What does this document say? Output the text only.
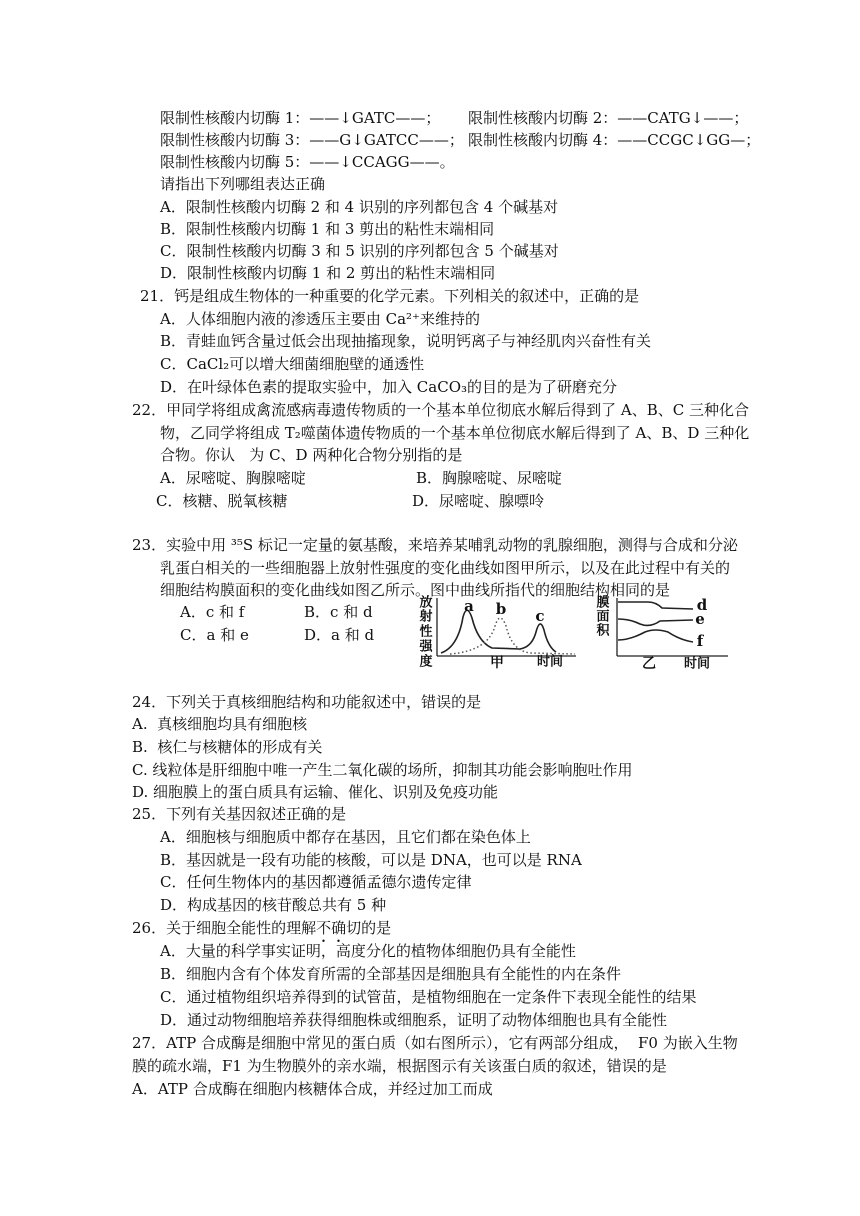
限制性核酸内切酶 1：——↓GATC——； 限制性核酸内切酶 2：——CATG↓——；
限制性核酸内切酶 3：——G↓GATCC——； 限制性核酸内切酶 4：——CCGC↓GG—；
限制性核酸内切酶 5：——↓CCAGG——。
请指出下列哪组表达正确
A．限制性核酸内切酶 2 和 4 识别的序列都包含 4 个碱基对
B．限制性核酸内切酶 1 和 3 剪出的粘性末端相同
C．限制性核酸内切酶 3 和 5 识别的序列都包含 5 个碱基对
D．限制性核酸内切酶 1 和 2 剪出的粘性末端相同
21．钙是组成生物体的一种重要的化学元素。下列相关的叙述中，正确的是
A．人体细胞内液的渗透压主要由 Ca²⁺来维持的
B．青蛙血钙含量过低会出现抽搐现象，说明钙离子与神经肌肉兴奋性有关
C．CaCl₂可以增大细菌细胞壁的通透性
D．在叶绿体色素的提取实验中，加入 CaCO₃的目的是为了研磨充分
22．甲同学将组成禽流感病毒遗传物质的一个基本单位彻底水解后得到了 A、B、C 三种化合
物，乙同学将组成 T₂噬菌体遗传物质的一个基本单位彻底水解后得到了 A、B、D 三种化
合物。你认   为 C、D 两种化合物分别指的是
A．尿嘧啶、胸腺嘧啶	B．胸腺嘧啶、尿嘧啶
C．核糖、脱氧核糖	D．尿嘧啶、腺嘌呤
23．实验中用 ³⁵S 标记一定量的氨基酸，来培养某哺乳动物的乳腺细胞，测得与合成和分泌
乳蛋白相关的一些细胞器上放射性强度的变化曲线如图甲所示，以及在此过程中有关的
细胞结构膜面积的变化曲线如图乙所示。图中曲线所指代的细胞结构相同的是
A．c 和 f	B．c 和 d
C．a 和 e	D．a 和 d
放
射
性
强
度
a b c
甲	时间
膜
面
积
d
e
f
乙 时间
24．下列关于真核细胞结构和功能叙述中，错误的是
A.  真核细胞均具有细胞核
B.  核仁与核糖体的形成有关
C. 线粒体是肝细胞中唯一产生二氧化碳的场所，抑制其功能会影响胞吐作用
D. 细胞膜上的蛋白质具有运输、催化、识别及免疫功能
25．下列有关基因叙述正确的是
A．细胞核与细胞质中都存在基因，且它们都在染色体上
B．基因就是一段有功能的核酸，可以是 DNA，也可以是 RNA
C．任何生物体内的基因都遵循孟德尔遗传定律
D．构成基因的核苷酸总共有 5 种
26．关于细胞全能性的理解不确切的是
A．大量的科学事实证明，高度分化的植物体细胞仍具有全能性
B．细胞内含有个体发育所需的全部基因是细胞具有全能性的内在条件
C．通过植物组织培养得到的试管苗，是植物细胞在一定条件下表现全能性的结果
D．通过动物细胞培养获得细胞株或细胞系，证明了动物体细胞也具有全能性
27．ATP 合成酶是细胞中常见的蛋白质（如右图所示），它有两部分组成，  F0 为嵌入生物
膜的疏水端，F1 为生物膜外的亲水端，根据图示有关该蛋白质的叙述，错误的是
A．ATP 合成酶在细胞内核糖体合成，并经过加工而成
